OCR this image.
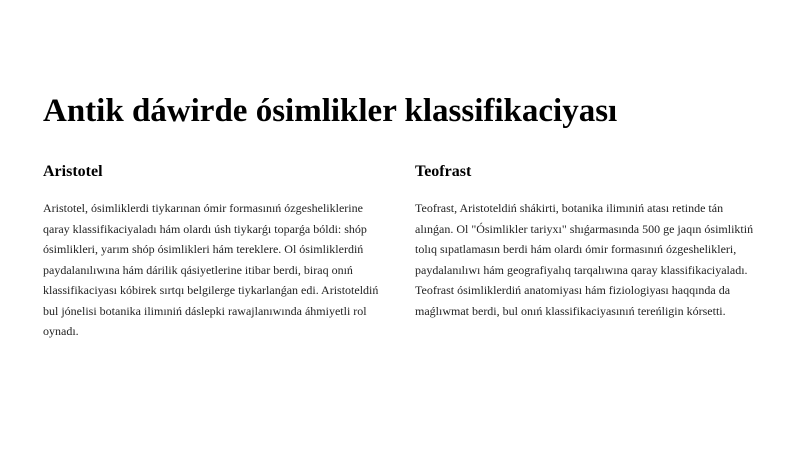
Antik dáwirde ósimlikler klassifikaciyası
Aristotel

Aristotel, ósimliklerdi tiykarınan ómir formasınıń ózgesheliklerine qaray klassifikaciyaladı hám olardı úsh tiykarǵı toparǵa bóldi: shóp ósimlikleri, yarım shóp ósimlikleri hám tereklere. Ol ósimliklerdiń paydalanılıwına hám dárilik qásiyetlerine itibar berdi, biraq onıń klassifikaciyası kóbirek sırtqı belgilerge tiykarlanǵan edi. Aristoteldiń bul jónelisi botanika ilimıniń dáslepki rawajlanıwında áhmiyetli rol oynadı.

Teofrast

Teofrast, Aristoteldiń shákirti, botanika ilimıniń atası retinde tán alınǵan. Ol "Ósimlikler tariyxı" shıǵarmasında 500 ge jaqın ósimliktiń tolıq sıpatlamasın berdi hám olardı ómir formasınıń ózgeshelikleri, paydalanılıwı hám geografiyalıq tarqalıwına qaray klassifikaciyaladı. Teofrast ósimliklerdiń anatomiyası hám fiziologiyası haqqında da maǵlıwmat berdi, bul onıń klassifikaciyasınıń tereńligin kórsetti.
